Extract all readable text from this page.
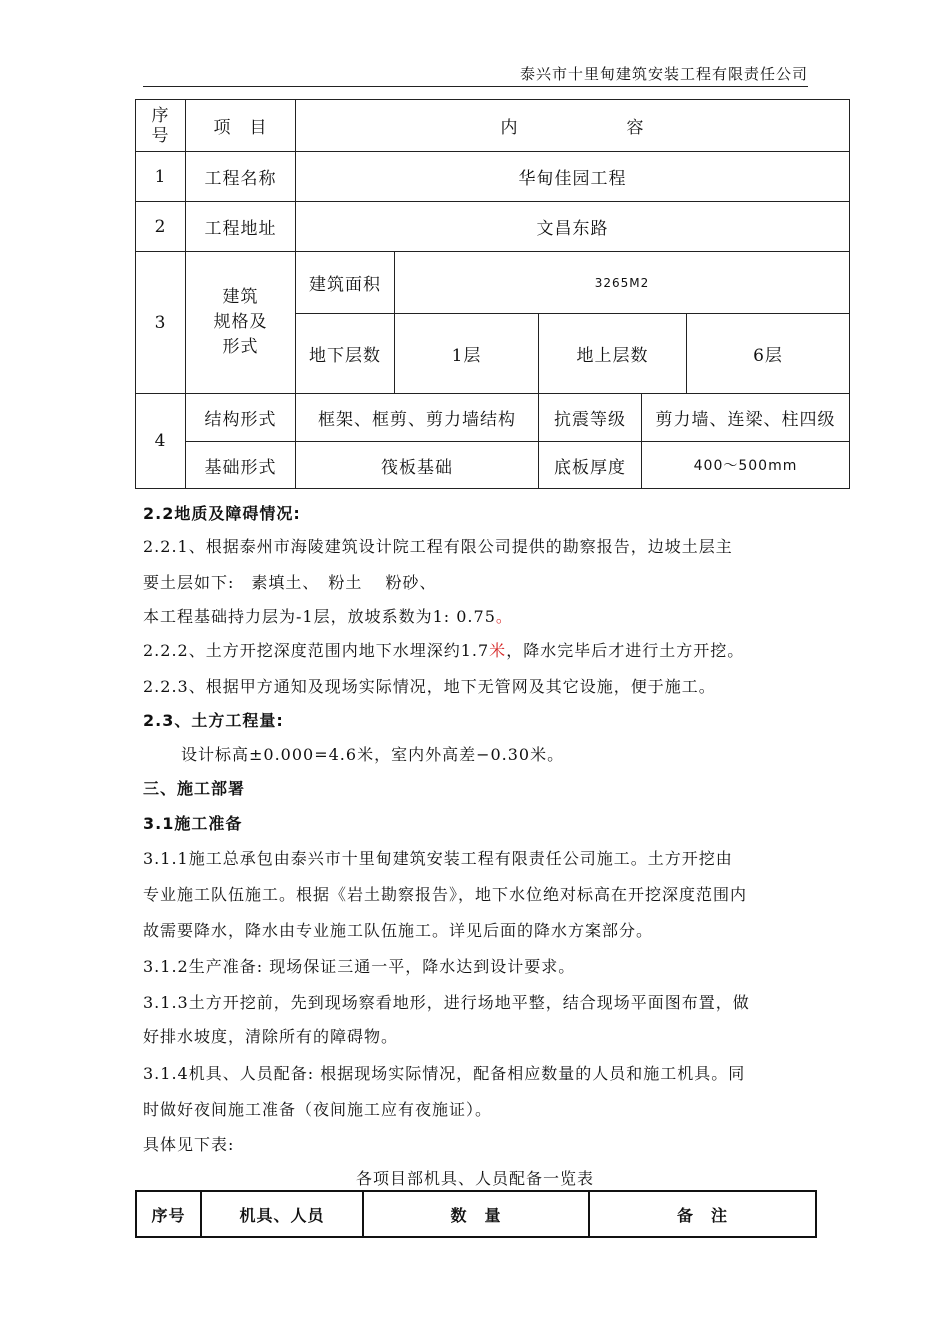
泰兴市十里甸建筑安装工程有限责任公司
序
号	项　目	内　　　　　　容				
1	工程名称	华甸佳园工程				
2	工程地址	文昌东路				
3	建筑
规格及
形式	建筑面积	3265M2			
		地下层数	1层	地上层数		6层
4	结构形式	框架、框剪、剪力墙结构		抗震等级	剪力墙、连梁、柱四级	
	基础形式	筏板基础		底板厚度	400～500mm	
2.2地质及障碍情况:
2.2.1、根据泰州市海陵建筑设计院工程有限公司提供的勘察报告，边坡土层主
要土层如下:　素填土、　粉土　 粉砂、
本工程基础持力层为-1层，放坡系数为1: 0.75。
2.2.2、土方开挖深度范围内地下水埋深约1.7米，降水完毕后才进行土方开挖。
2.2.3、根据甲方通知及现场实际情况，地下无管网及其它设施，便于施工。
2.3、土方工程量:
设计标高±0.000=4.6米，室内外高差−0.30米。
三、施工部署
3.1施工准备
3.1.1施工总承包由泰兴市十里甸建筑安装工程有限责任公司施工。土方开挖由
专业施工队伍施工。根据《岩土勘察报告》，地下水位绝对标高在开挖深度范围内
故需要降水，降水由专业施工队伍施工。详见后面的降水方案部分。
3.1.2生产准备: 现场保证三通一平，降水达到设计要求。
3.1.3土方开挖前，先到现场察看地形，进行场地平整，结合现场平面图布置，做
好排水坡度，清除所有的障碍物。
3.1.4机具、人员配备: 根据现场实际情况，配备相应数量的人员和施工机具。同
时做好夜间施工准备（夜间施工应有夜施证）。
具体见下表:
各项目部机具、人员配备一览表
序号	机具、人员	数　量	备　注
